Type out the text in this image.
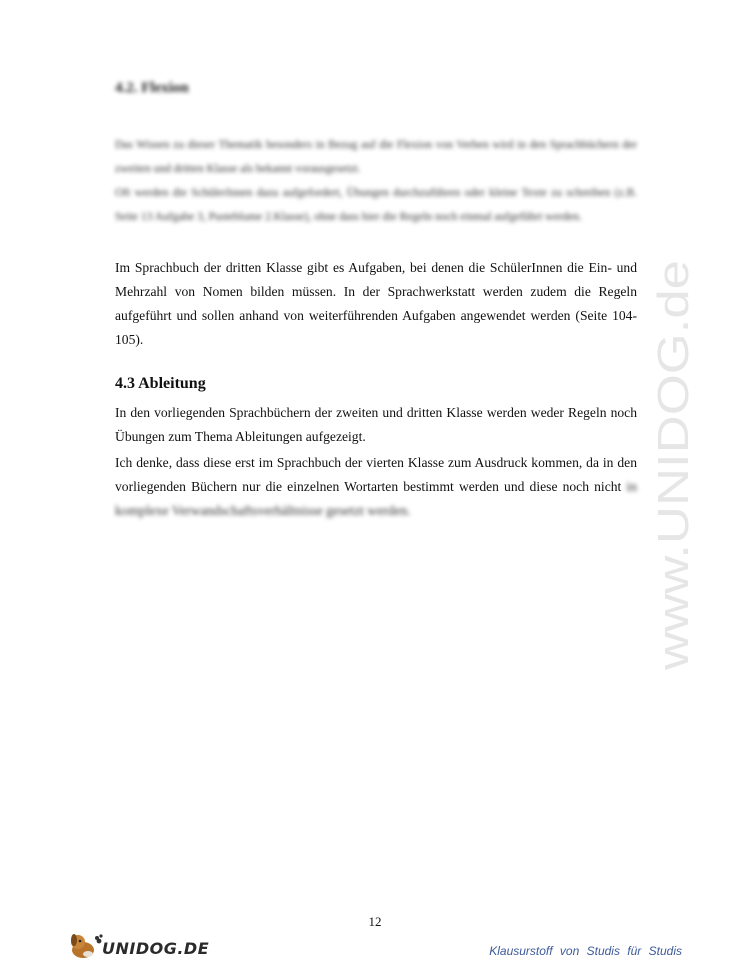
4.2. Flexion
Das Wissen zu dieser Thematik besonders in Bezug auf die Flexion von Verben wird in den Sprachbüchern der zweiten und dritten Klasse als bekannt vorausgesetzt.
Oft werden die SchülerInnen dazu aufgefordert, Übungen durchzuführen oder kleine Texte zu schreiben (z.B. Seite 13 Aufgabe 3, Pusteblume 2.Klasse), ohne dass hier die Regeln noch einmal aufgeführt werden.
Im Sprachbuch der dritten Klasse gibt es Aufgaben, bei denen die SchülerInnen die Ein- und Mehrzahl von Nomen bilden müssen. In der Sprachwerkstatt werden zudem die Regeln aufgeführt und sollen anhand von weiterführenden Aufgaben angewendet werden (Seite 104-105).
4.3 Ableitung
In den vorliegenden Sprachbüchern der zweiten und dritten Klasse werden weder Regeln noch Übungen zum Thema Ableitungen aufgezeigt.
Ich denke, dass diese erst im Sprachbuch der vierten Klasse zum Ausdruck kommen, da in den vorliegenden Büchern nur die einzelnen Wortarten bestimmt werden und diese noch nicht in komplexe Verwandschaftsverhältnisse gesetzt werden.	www.UNIDOG.de
12
UNIDOG.DE	Klausurstoff von Studis für Studis
